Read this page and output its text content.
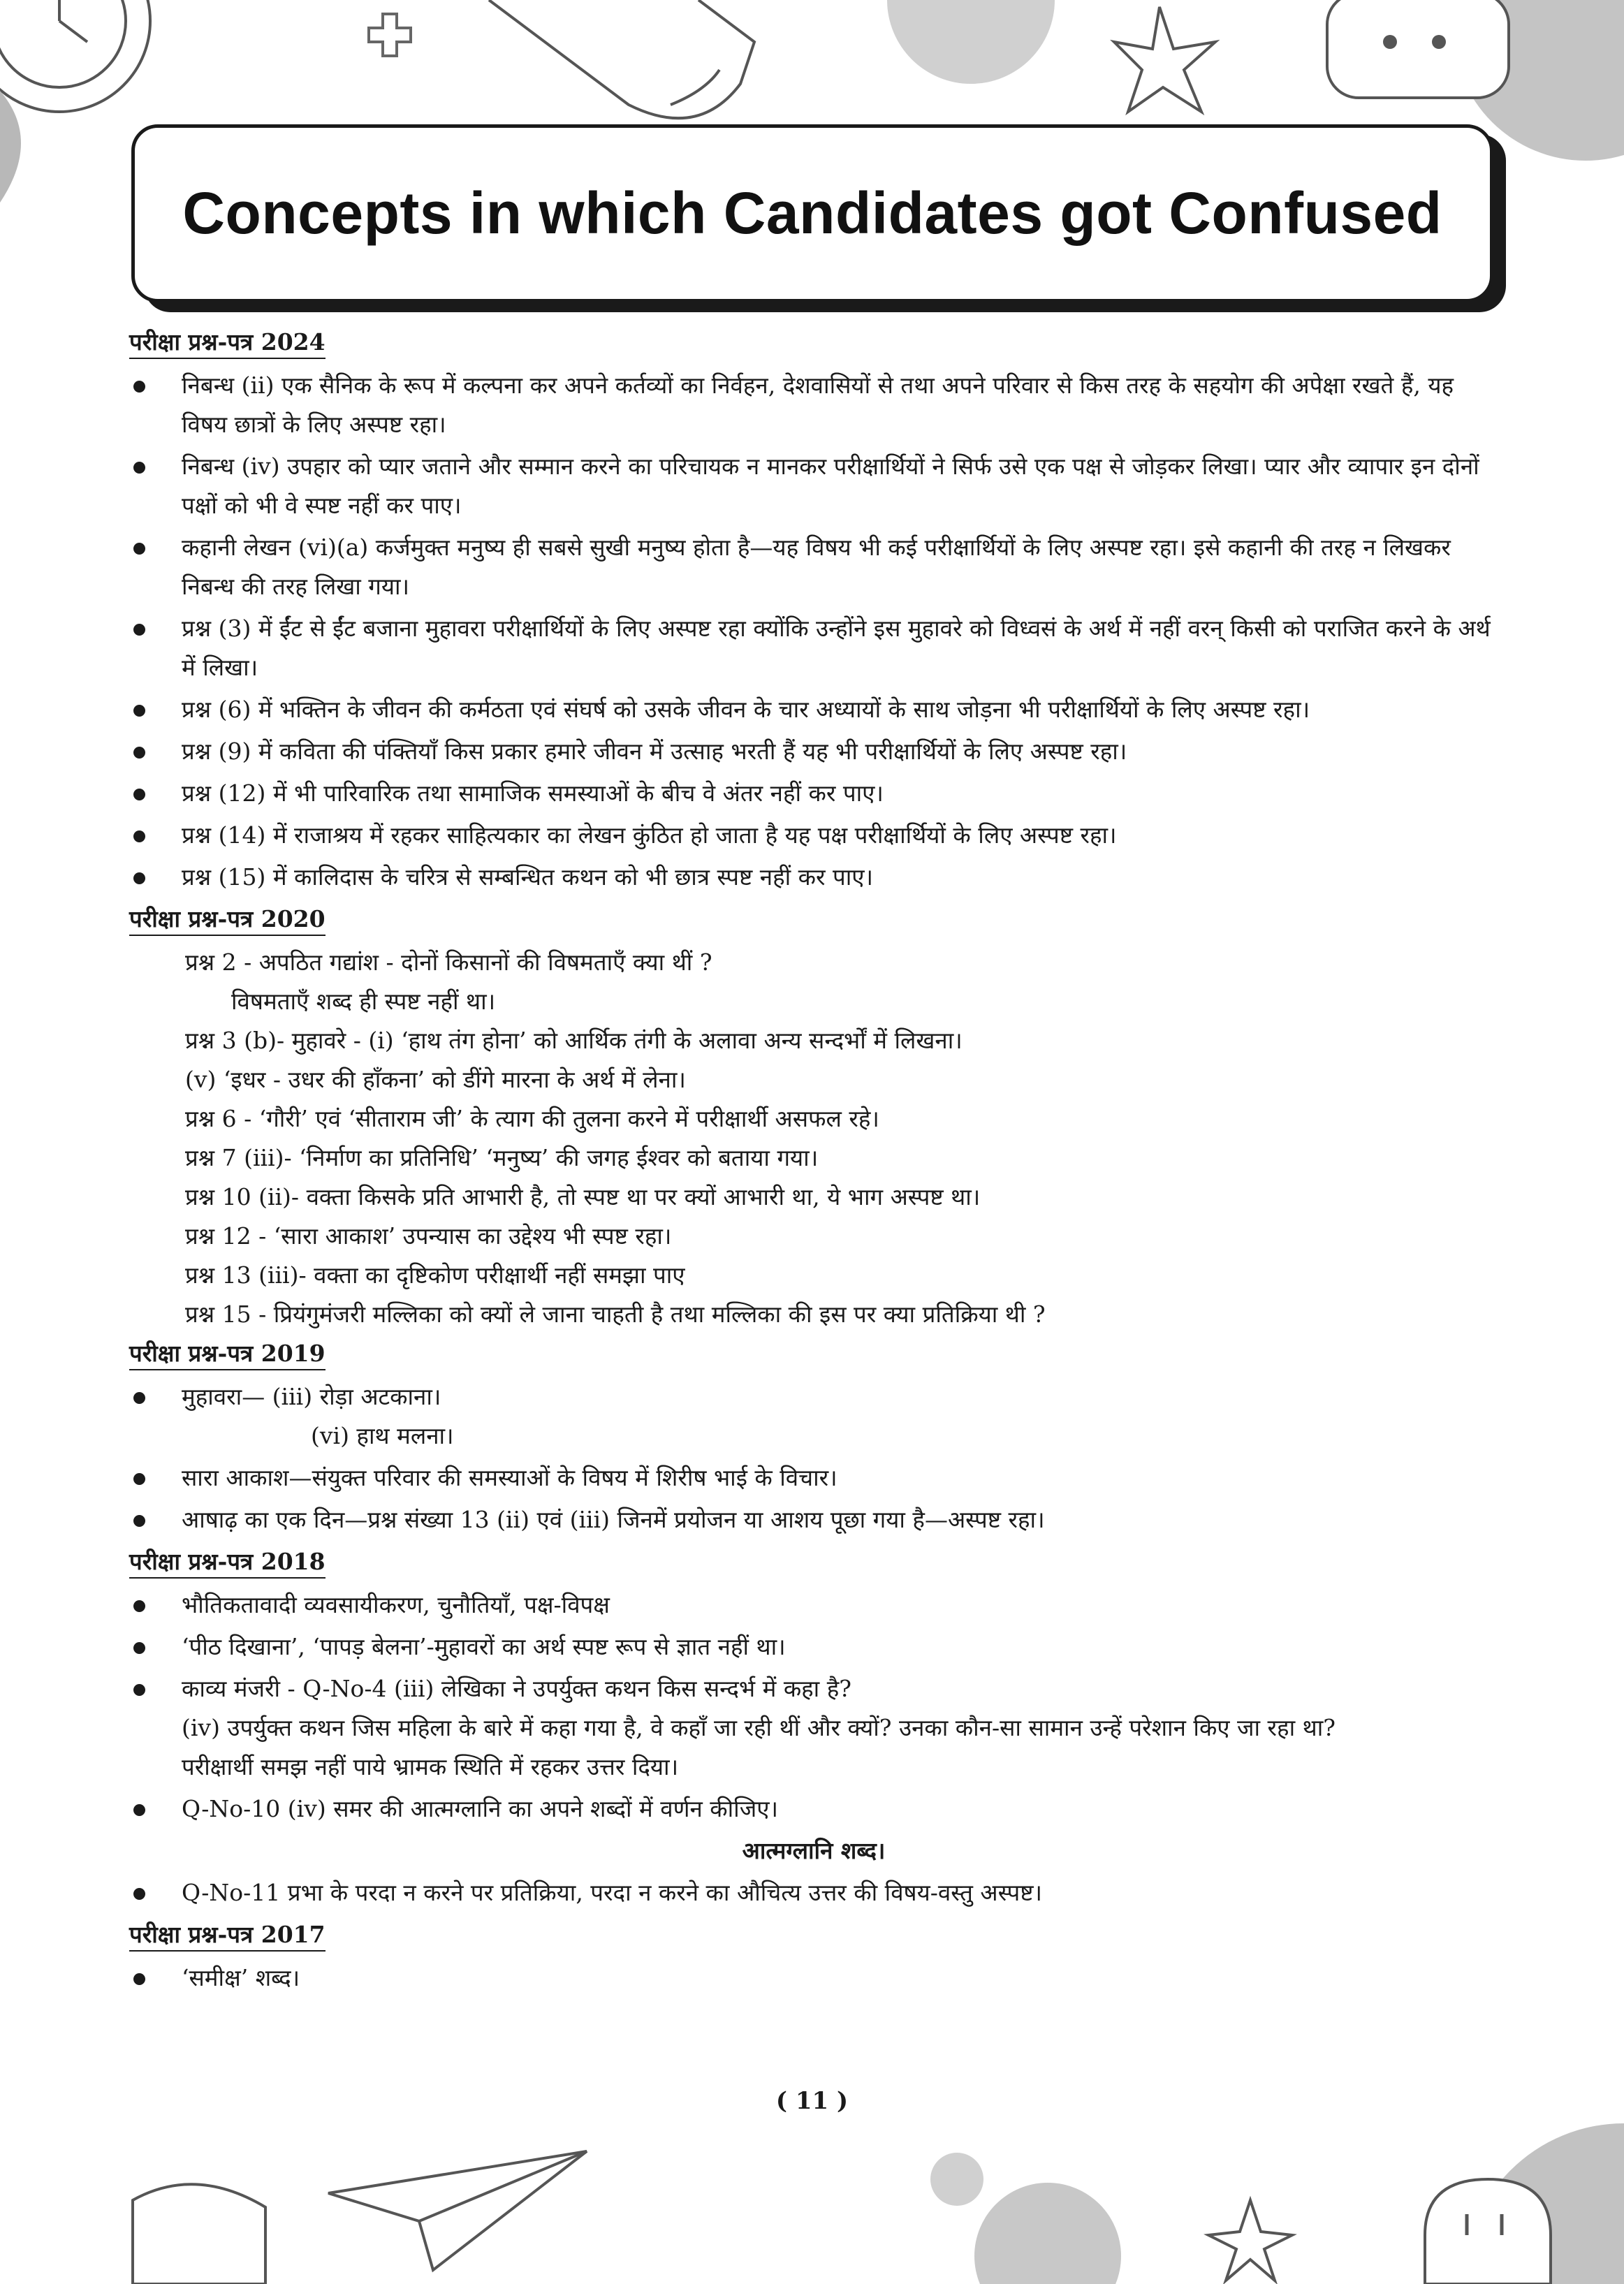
Concepts in which Candidates got Confused
परीक्षा प्रश्न-पत्र 2024
निबन्ध (ii) एक सैनिक के रूप में कल्पना कर अपने कर्तव्यों का निर्वहन, देशवासियों से तथा अपने परिवार से किस तरह के सहयोग की अपेक्षा रखते हैं, यह विषय छात्रों के लिए अस्पष्ट रहा।
निबन्ध (iv) उपहार को प्यार जताने और सम्मान करने का परिचायक न मानकर परीक्षार्थियों ने सिर्फ उसे एक पक्ष से जोड़कर लिखा। प्यार और व्यापार इन दोनों पक्षों को भी वे स्पष्ट नहीं कर पाए।
कहानी लेखन (vi)(a) कर्जमुक्त मनुष्य ही सबसे सुखी मनुष्य होता है—यह विषय भी कई परीक्षार्थियों के लिए अस्पष्ट रहा। इसे कहानी की तरह न लिखकर निबन्ध की तरह लिखा गया।
प्रश्न (3) में ईंट से ईंट बजाना मुहावरा परीक्षार्थियों के लिए अस्पष्ट रहा क्योंकि उन्होंने इस मुहावरे को विध्वसं के अर्थ में नहीं वरन् किसी को पराजित करने के अर्थ में लिखा।
प्रश्न (6) में भक्तिन के जीवन की कर्मठता एवं संघर्ष को उसके जीवन के चार अध्यायों के साथ जोड़ना भी परीक्षार्थियों के लिए अस्पष्ट रहा।
प्रश्न (9) में कविता की पंक्तियाँ किस प्रकार हमारे जीवन में उत्साह भरती हैं यह भी परीक्षार्थियों के लिए अस्पष्ट रहा।
प्रश्न (12) में भी पारिवारिक तथा सामाजिक समस्याओं के बीच वे अंतर नहीं कर पाए।
प्रश्न (14) में राजाश्रय में रहकर साहित्यकार का लेखन कुंठित हो जाता है यह पक्ष परीक्षार्थियों के लिए अस्पष्ट रहा।
प्रश्न (15) में कालिदास के चरित्र से सम्बन्धित कथन को भी छात्र स्पष्ट नहीं कर पाए।
परीक्षा प्रश्न-पत्र 2020
प्रश्न 2 - अपठित गद्यांश - दोनों किसानों की विषमताएँ क्या थीं ?
विषमताएँ शब्द ही स्पष्ट नहीं था।
प्रश्न 3 (b)- मुहावरे - (i) ‘हाथ तंग होना’ को आर्थिक तंगी के अलावा अन्य सन्दर्भों में लिखना।
(v) ‘इधर - उधर की हाँकना’ को डींगे मारना के अर्थ में लेना।
प्रश्न 6 - ‘गौरी’ एवं ‘सीताराम जी’ के त्याग की तुलना करने में परीक्षार्थी असफल रहे।
प्रश्न 7 (iii)- ‘निर्माण का प्रतिनिधि’ ‘मनुष्य’ की जगह ईश्वर को बताया गया।
प्रश्न 10 (ii)- वक्ता किसके प्रति आभारी है, तो स्पष्ट था पर क्यों आभारी था, ये भाग अस्पष्ट था।
प्रश्न 12 - ‘सारा आकाश’ उपन्यास का उद्देश्य भी स्पष्ट रहा।
प्रश्न 13 (iii)- वक्ता का दृष्टिकोण परीक्षार्थी नहीं समझा पाए
प्रश्न 15 - प्रियंगुमंजरी मल्लिका को क्यों ले जाना चाहती है तथा मल्लिका की इस पर क्या प्रतिक्रिया थी ?
परीक्षा प्रश्न-पत्र 2019
मुहावरा— (iii) रोड़ा अटकाना।
(vi) हाथ मलना।
सारा आकाश—संयुक्त परिवार की समस्याओं के विषय में शिरीष भाई के विचार।
आषाढ़ का एक दिन—प्रश्न संख्या 13 (ii) एवं (iii) जिनमें प्रयोजन या आशय पूछा गया है—अस्पष्ट रहा।
परीक्षा प्रश्न-पत्र 2018
भौतिकतावादी व्यवसायीकरण, चुनौतियाँ, पक्ष-विपक्ष
‘पीठ दिखाना’, ‘पापड़ बेलना’-मुहावरों का अर्थ स्पष्ट रूप से ज्ञात नहीं था।
काव्य मंजरी - Q-No-4 (iii) लेखिका ने उपर्युक्त कथन किस सन्दर्भ में कहा है?
(iv) उपर्युक्त कथन जिस महिला के बारे में कहा गया है, वे कहाँ जा रही थीं और क्यों? उनका कौन-सा सामान उन्हें परेशान किए जा रहा था?
परीक्षार्थी समझ नहीं पाये भ्रामक स्थिति में रहकर उत्तर दिया।
Q-No-10 (iv) समर की आत्मग्लानि का अपने शब्दों में वर्णन कीजिए।
आत्मग्लानि शब्द।
Q-No-11 प्रभा के परदा न करने पर प्रतिक्रिया, परदा न करने का औचित्य उत्तर की विषय-वस्तु अस्पष्ट।
परीक्षा प्रश्न-पत्र 2017
‘समीक्ष’ शब्द।
( 11 )
